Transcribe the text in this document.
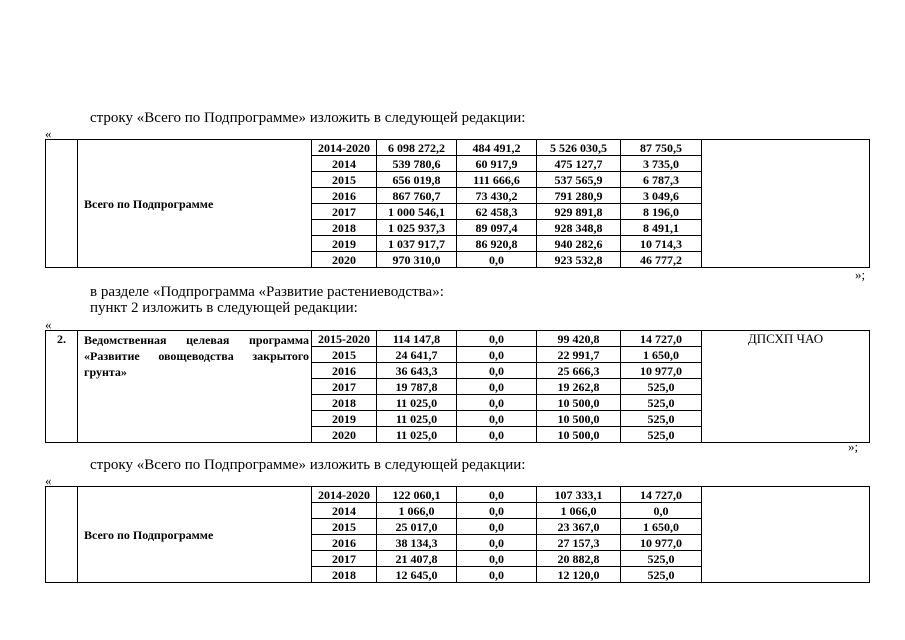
строку «Всего по Подпрограмме» изложить в следующей редакции:
«
	Всего по Подпрограмме	2014-2020	6 098 272,2	484 491,2	5 526 030,5	87 750,5	
		2014	539 780,6	60 917,9	475 127,7	3 735,0	
		2015	656 019,8	111 666,6	537 565,9	6 787,3	
		2016	867 760,7	73 430,2	791 280,9	3 049,6	
		2017	1 000 546,1	62 458,3	929 891,8	8 196,0	
		2018	1 025 937,3	89 097,4	928 348,8	8 491,1	
		2019	1 037 917,7	86 920,8	940 282,6	10 714,3	
		2020	970 310,0	0,0	923 532,8	46 777,2	
»;
в разделе «Подпрограмма «Развитие растениеводства»:
пункт 2 изложить в следующей редакции:
«
2.	Ведомственная целевая программа «Развитие овощеводства закрытого грунта»	2015-2020	114 147,8	0,0	99 420,8	14 727,0	ДПСХП ЧАО
		2015	24 641,7	0,0	22 991,7	1 650,0	
		2016	36 643,3	0,0	25 666,3	10 977,0	
		2017	19 787,8	0,0	19 262,8	525,0	
		2018	11 025,0	0,0	10 500,0	525,0	
		2019	11 025,0	0,0	10 500,0	525,0	
		2020	11 025,0	0,0	10 500,0	525,0	
»;
строку «Всего по Подпрограмме» изложить в следующей редакции:
«
	Всего по Подпрограмме	2014-2020	122 060,1	0,0	107 333,1	14 727,0	
		2014	1 066,0	0,0	1 066,0	0,0	
		2015	25 017,0	0,0	23 367,0	1 650,0	
		2016	38 134,3	0,0	27 157,3	10 977,0	
		2017	21 407,8	0,0	20 882,8	525,0	
		2018	12 645,0	0,0	12 120,0	525,0	
